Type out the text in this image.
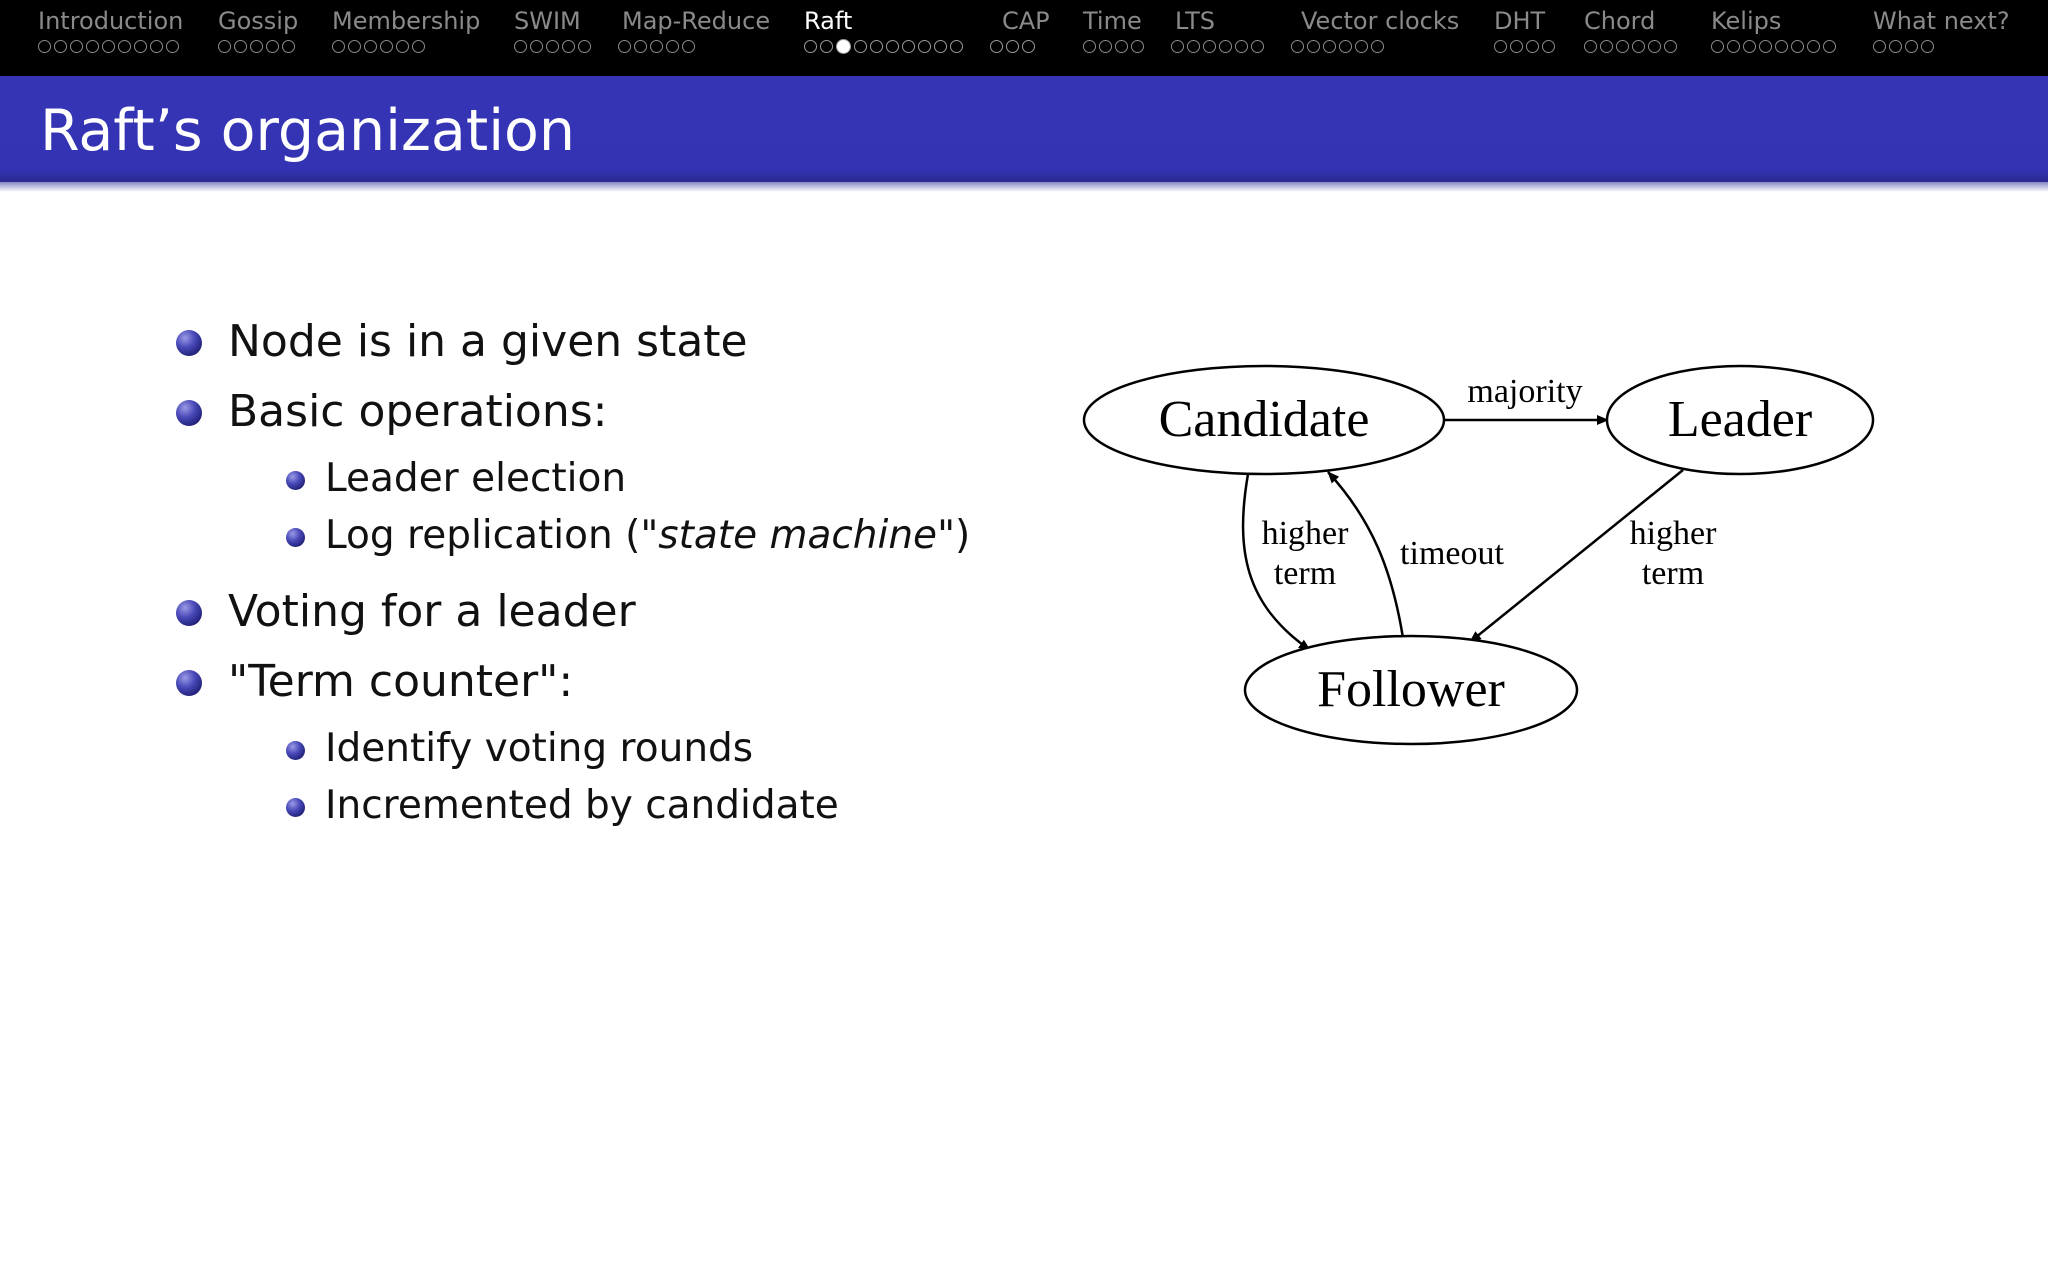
Introduction Gossip Membership SWIM Map-Reduce Raft	CAP Time LTS	Vector clocks DHT Chord Kelips	What next?
Raft’s organization
Node is in a given state
Basic operations:
Leader election
Log replication ("state machine")
Voting for a leader
"Term counter":
Identify voting rounds
Incremented by candidate
Candidate	Leader
Follower
majority
higher
term
timeout
higher
term
